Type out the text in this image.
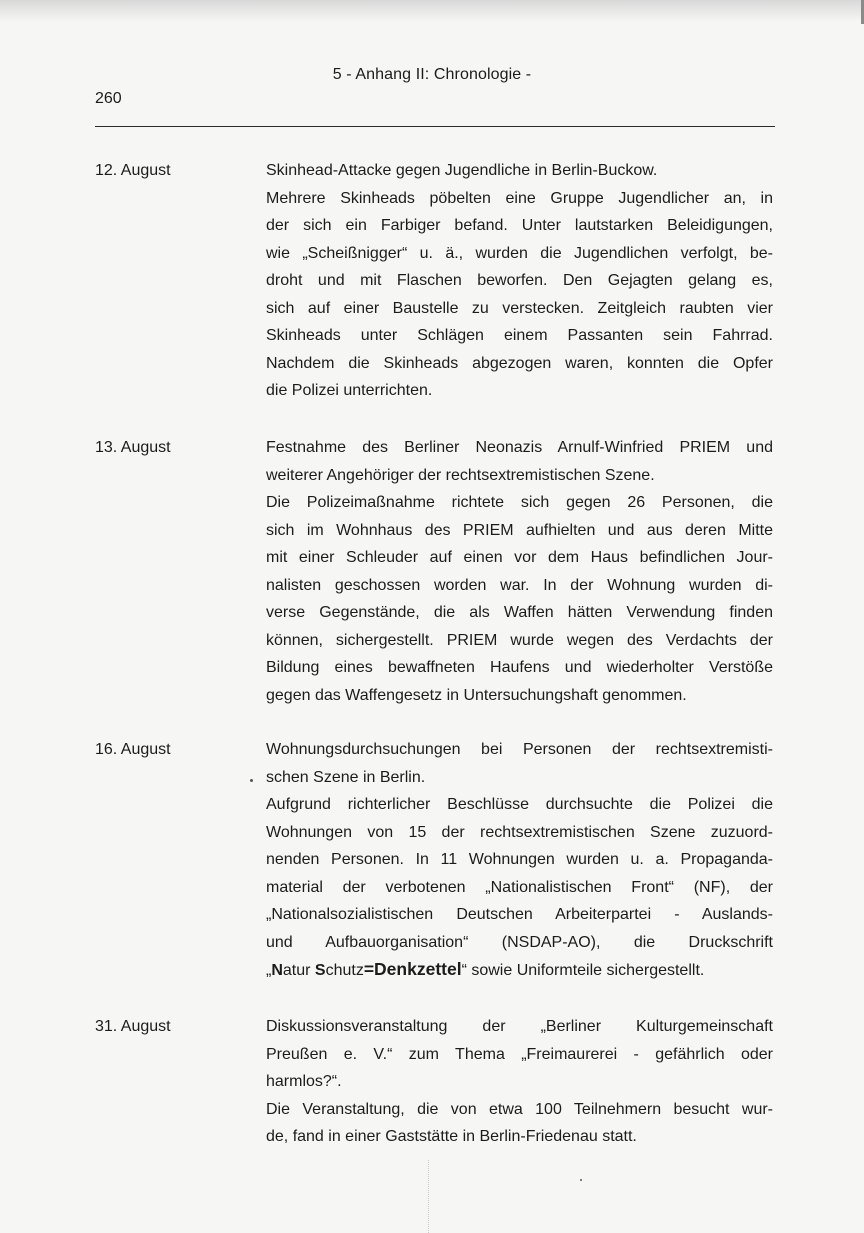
5 - Anhang II: Chronologie -
260
12. August	Skinhead-Attacke gegen Jugendliche in Berlin-Buckow.
Mehrere Skinheads pöbelten eine Gruppe Jugendlicher an, in
der sich ein Farbiger befand. Unter lautstarken Beleidigungen,
wie „Scheißnigger“ u. ä., wurden die Jugendlichen verfolgt, be-
droht und mit Flaschen beworfen. Den Gejagten gelang es,
sich auf einer Baustelle zu verstecken. Zeitgleich raubten vier
Skinheads unter Schlägen einem Passanten sein Fahrrad.
Nachdem die Skinheads abgezogen waren, konnten die Opfer
die Polizei unterrichten.
13. August	Festnahme des Berliner Neonazis Arnulf-Winfried PRIEM und
weiterer Angehöriger der rechtsextremistischen Szene.
Die Polizeimaßnahme richtete sich gegen 26 Personen, die
sich im Wohnhaus des PRIEM aufhielten und aus deren Mitte
mit einer Schleuder auf einen vor dem Haus befindlichen Jour-
nalisten geschossen worden war. In der Wohnung wurden di-
verse Gegenstände, die als Waffen hätten Verwendung finden
können, sichergestellt. PRIEM wurde wegen des Verdachts der
Bildung eines bewaffneten Haufens und wiederholter Verstöße
gegen das Waffengesetz in Untersuchungshaft genommen.
16. August	Wohnungsdurchsuchungen bei Personen der rechtsextremisti-
schen Szene in Berlin.
Aufgrund richterlicher Beschlüsse durchsuchte die Polizei die
Wohnungen von 15 der rechtsextremistischen Szene zuzuord-
nenden Personen. In 11 Wohnungen wurden u. a. Propaganda-
material der verbotenen „Nationalistischen Front“ (NF), der
„Nationalsozialistischen Deutschen Arbeiterpartei - Auslands-
und Aufbauorganisation“ (NSDAP-AO), die Druckschrift
„Natur Schutz=Denkzettel“ sowie Uniformteile sichergestellt.
31. August	Diskussionsveranstaltung der „Berliner Kulturgemeinschaft
Preußen e. V.“ zum Thema „Freimaurerei - gefährlich oder
harmlos?“.
Die Veranstaltung, die von etwa 100 Teilnehmern besucht wur-
de, fand in einer Gaststätte in Berlin-Friedenau statt.
